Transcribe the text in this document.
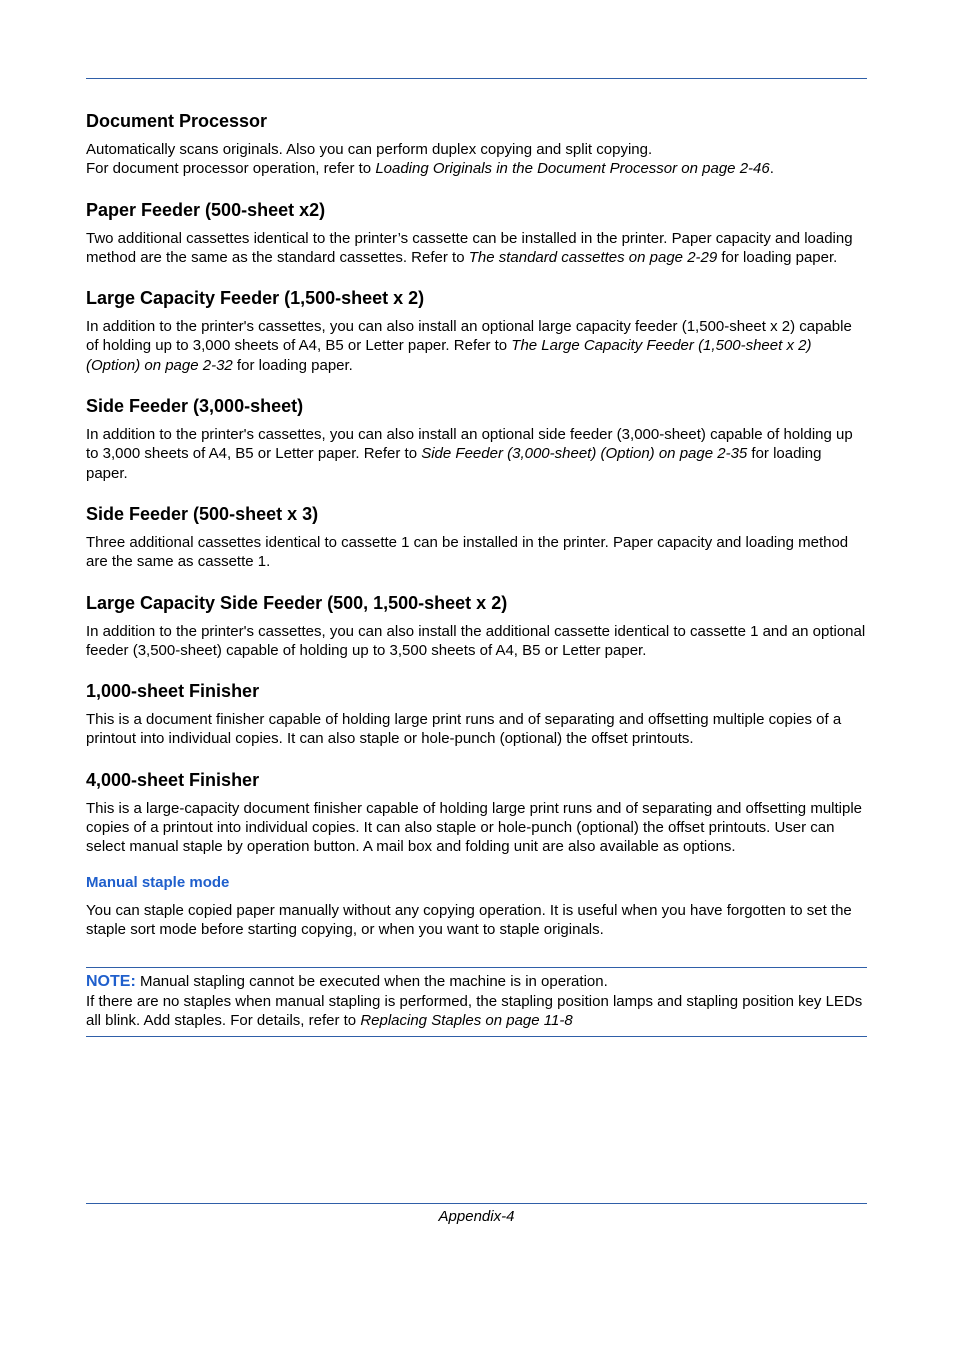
Document Processor

Automatically scans originals. Also you can perform duplex copying and split copying.
For document processor operation, refer to Loading Originals in the Document Processor on page 2-46.

Paper Feeder (500-sheet x2)

Two additional cassettes identical to the printer’s cassette can be installed in the printer. Paper capacity and loading method are the same as the standard cassettes. Refer to The standard cassettes on page 2-29 for loading paper.

Large Capacity Feeder (1,500-sheet x 2)

In addition to the printer's cassettes, you can also install an optional large capacity feeder (1,500-sheet x 2) capable of holding up to 3,000 sheets of A4, B5 or Letter paper. Refer to The Large Capacity Feeder (1,500-sheet x 2) (Option) on page 2-32 for loading paper.

Side Feeder (3,000-sheet)

In addition to the printer's cassettes, you can also install an optional side feeder (3,000-sheet) capable of holding up to 3,000 sheets of A4, B5 or Letter paper. Refer to Side Feeder (3,000-sheet) (Option) on page 2-35 for loading paper.

Side Feeder (500-sheet x 3)

Three additional cassettes identical to cassette 1 can be installed in the printer. Paper capacity and loading method are the same as cassette 1.

Large Capacity Side Feeder (500, 1,500-sheet x 2)

In addition to the printer's cassettes, you can also install the additional cassette identical to cassette 1 and an optional feeder (3,500-sheet) capable of holding up to 3,500 sheets of A4, B5 or Letter paper.

1,000-sheet Finisher

This is a document finisher capable of holding large print runs and of separating and offsetting multiple copies of a printout into individual copies. It can also staple or hole-punch (optional) the offset printouts.

4,000-sheet Finisher

This is a large-capacity document finisher capable of holding large print runs and of separating and offsetting multiple copies of a printout into individual copies. It can also staple or hole-punch (optional) the offset printouts. User can select manual staple by operation button. A mail box and folding unit are also available as options.

Manual staple mode

You can staple copied paper manually without any copying operation. It is useful when you have forgotten to set the staple sort mode before starting copying, or when you want to staple originals.

NOTE: Manual stapling cannot be executed when the machine is in operation.
If there are no staples when manual stapling is performed, the stapling position lamps and stapling position key LEDs all blink. Add staples. For details, refer to Replacing Staples on page 11-8

Appendix-4
